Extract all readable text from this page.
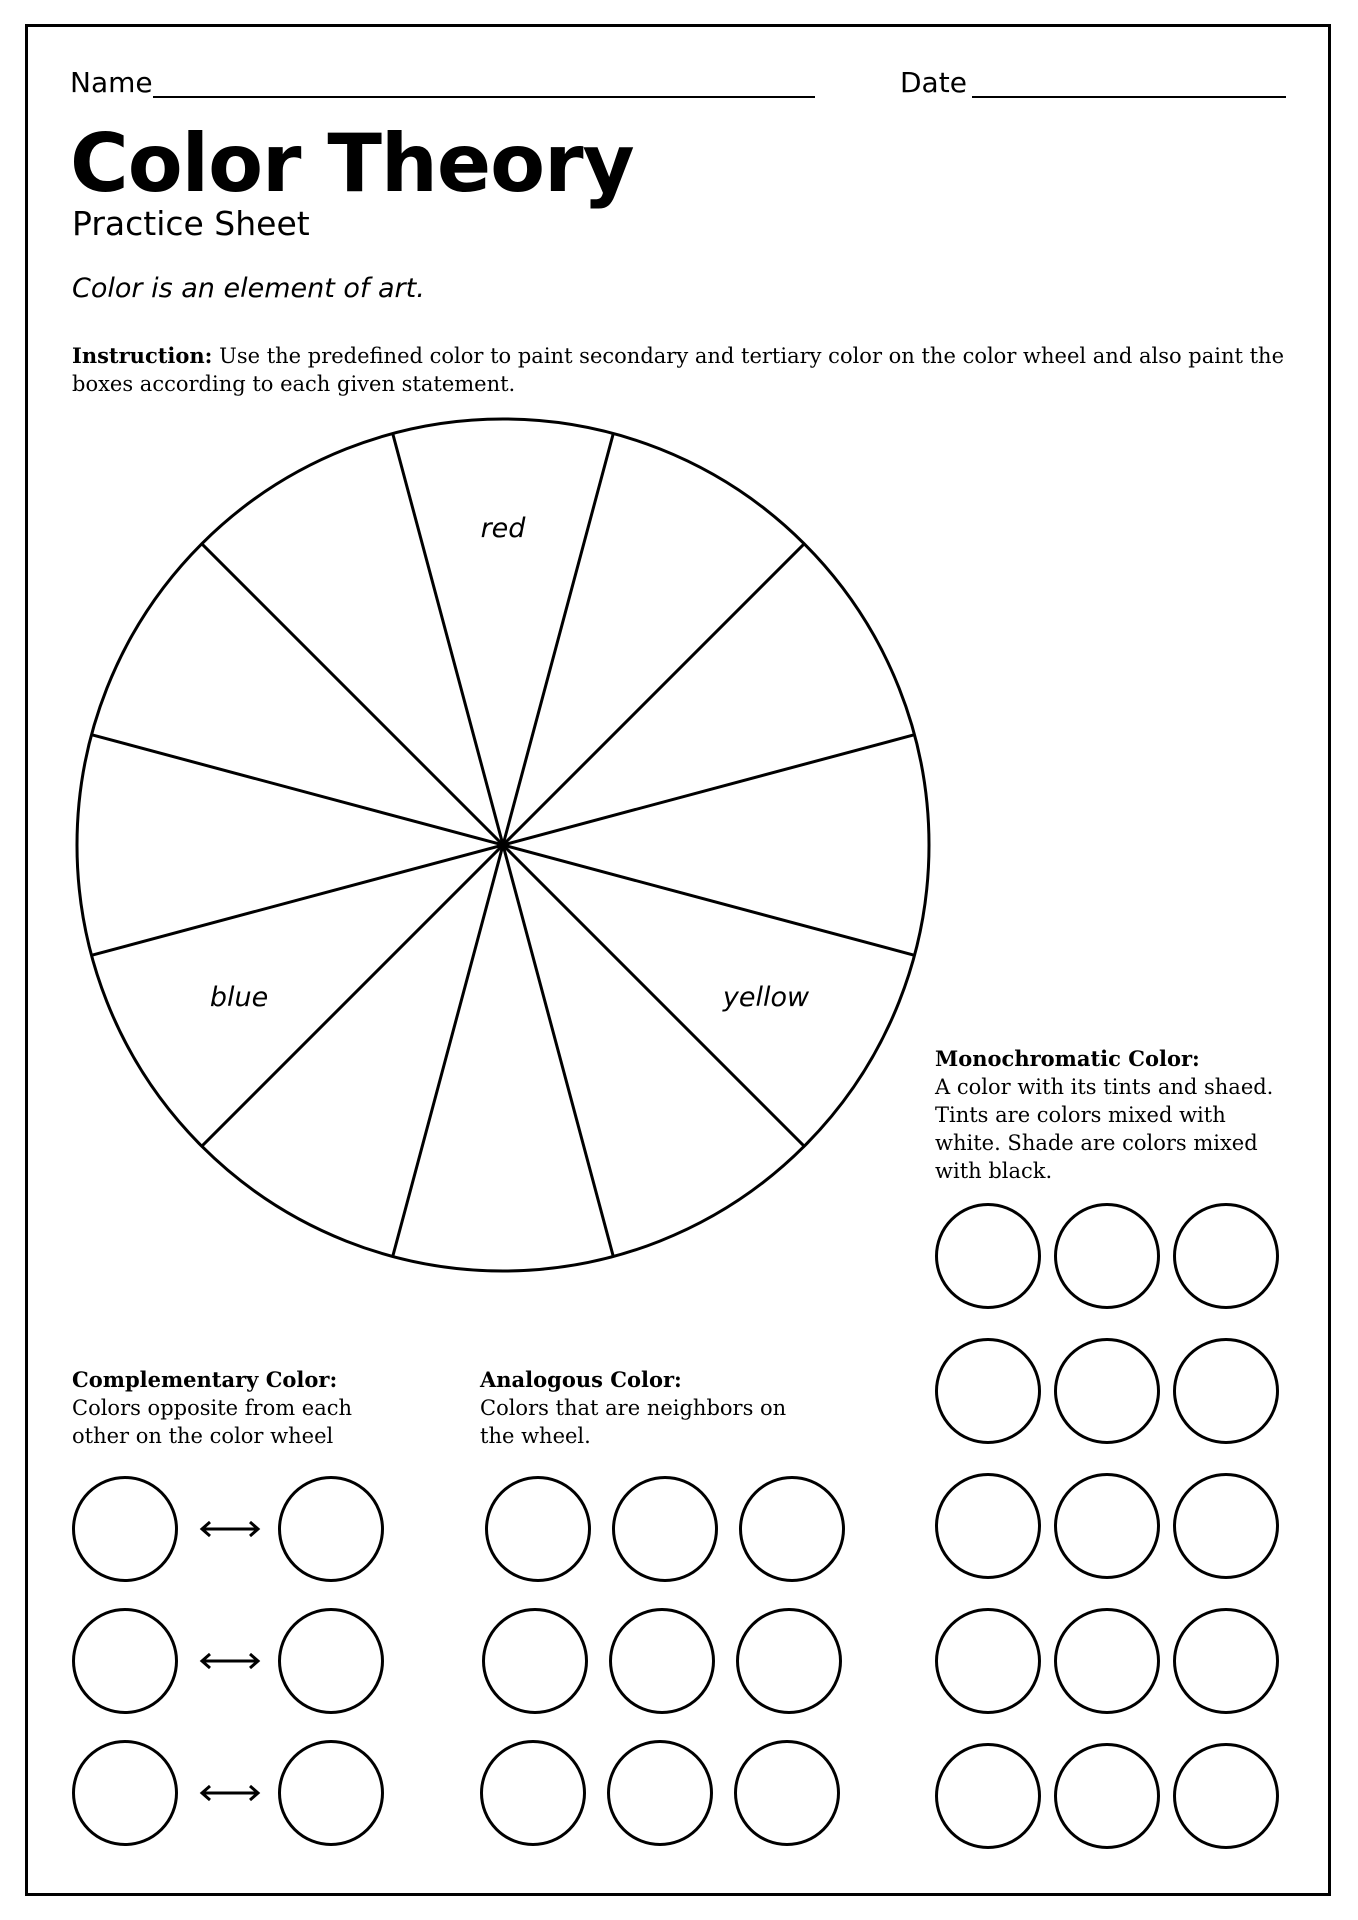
Name	Date
Color Theory
Practice Sheet
Color is an element of art.
Instruction: Use the predefined color to paint secondary and tertiary color on the color wheel and also paint the boxes according to each given statement.
red
blue	yellow
Monochromatic Color:
A color with its tints and shaed.
Tints are colors mixed with
white. Shade are colors mixed
with black.
Complementary Color:
Colors opposite from each
other on the color wheel
Analogous Color:
Colors that are neighbors on
the wheel.
